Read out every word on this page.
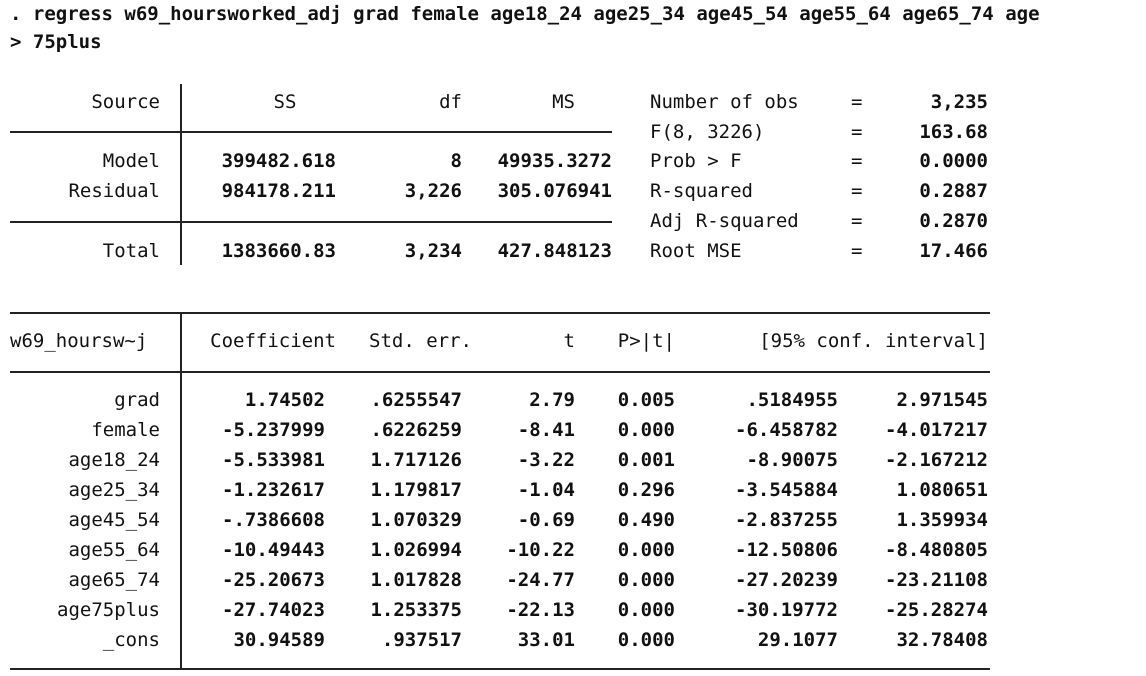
. regress w69_hoursworked_adj grad female age18_24 age25_34 age45_54 age55_64 age65_74 age
> 75plus
Source	SS	df	MS
Model	399482.618	8	49935.3272
Residual	984178.211	3,226	305.076941
Total	1383660.83	3,234	427.848123
Number of obs	=	3,235
F(8, 3226)	=	163.68
Prob > F	=	0.0000
R-squared	=	0.2887
Adj R-squared	=	0.2870
Root MSE	=	17.466
w69_hoursw~j	Coefficient	Std. err.	t	P>|t|	[95% conf. interval]
grad	1.74502	.6255547	2.79	0.005	.5184955	2.971545
female	-5.237999	.6226259	-8.41	0.000	-6.458782	-4.017217
age18_24	-5.533981	1.717126	-3.22	0.001	-8.90075	-2.167212
age25_34	-1.232617	1.179817	-1.04	0.296	-3.545884	1.080651
age45_54	-.7386608	1.070329	-0.69	0.490	-2.837255	1.359934
age55_64	-10.49443	1.026994	-10.22	0.000	-12.50806	-8.480805
age65_74	-25.20673	1.017828	-24.77	0.000	-27.20239	-23.21108
age75plus	-27.74023	1.253375	-22.13	0.000	-30.19772	-25.28274
_cons	30.94589	.937517	33.01	0.000	29.1077	32.78408
